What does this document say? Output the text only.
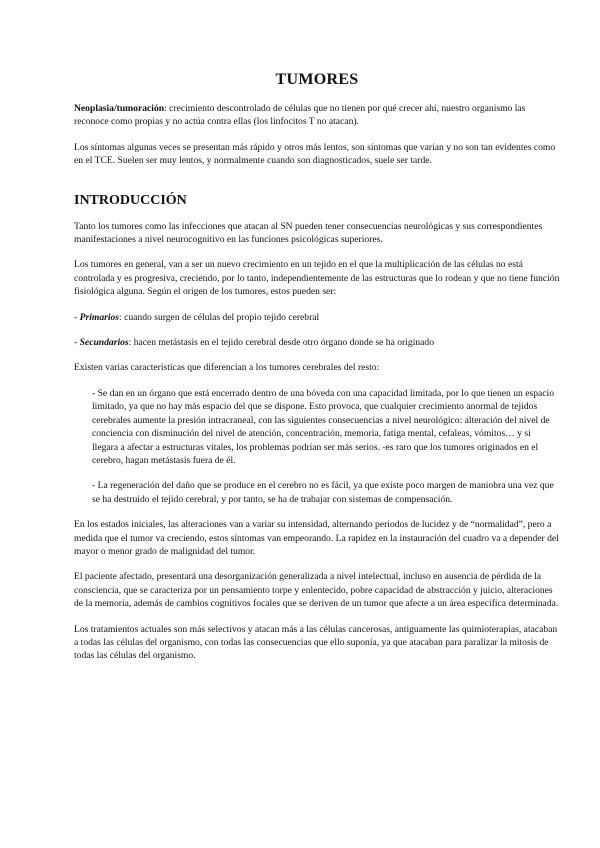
TUMORES

Neoplasia/tumoración: crecimiento descontrolado de células que no tienen por qué crecer ahí, nuestro organismo las reconoce como propias y no actúa contra ellas (los linfocitos T no atacan).

Los síntomas algunas veces se presentan más rápido y otros más lentos, son síntomas que varían y no son tan evidentes como en el TCE. Suelen ser muy lentos, y normalmente cuando son diagnosticados, suele ser tarde.

INTRODUCCIÓN

Tanto los tumores como las infecciones que atacan al SN pueden tener consecuencias neurológicas y sus correspondientes manifestaciones a nivel neurocognitivo en las funciones psicológicas superiores.

Los tumores en general, van a ser un nuevo crecimiento en un tejido en el que la multiplicación de las células no está controlada y es progresiva, creciendo, por lo tanto, independientemente de las estructuras que lo rodean y que no tiene función fisiológica alguna. Según el origen de los tumores, estos pueden ser:

- Primarios: cuando surgen de células del propio tejido cerebral

- Secundarios: hacen metástasis en el tejido cerebral desde otro órgano donde se ha originado

Existen varias características que diferencian a los tumores cerebrales del resto:

- Se dan en un órgano que está encerrado dentro de una bóveda con una capacidad limitada, por lo que tienen un espacio limitado, ya que no hay más espacio del que se dispone. Esto provoca, que cualquier crecimiento anormal de tejidos cerebrales aumente la presión intracraneal, con las siguientes consecuencias a nivel neurológico: alteración del nivel de conciencia con disminución del nivel de atención, concentración, memoria, fatiga mental, cefaleas, vómitos… y si llegara a afectar a estructuras vitales, los problemas podrían ser más serios. -es raro que los tumores originados en el cerebro, hagan metástasis fuera de él.

- La regeneración del daño que se produce en el cerebro no es fácil, ya que existe poco margen de maniobra una vez que se ha destruido el tejido cerebral, y por tanto, se ha de trabajar con sistemas de compensación.

En los estados iniciales, las alteraciones van a variar su intensidad, alternando periodos de lucidez y de “normalidad”, pero a medida que el tumor va creciendo, estos síntomas van empeorando. La rapidez en la instauración del cuadro va a depender del mayor o menor grado de malignidad del tumor.

El paciente afectado, presentará una desorganización generalizada a nivel intelectual, incluso en ausencia de pérdida de la consciencia, que se caracteriza por un pensamiento torpe y enlentecido, pobre capacidad de abstracción y juicio, alteraciones de la memoria, además de cambios cognitivos focales que se deriven de un tumor que afecte a un área específica determinada.

Los tratamientos actuales son más selectivos y atacan más a las células cancerosas, antiguamente las quimioterapias, atacaban a todas las células del organismo, con todas las consecuencias que ello suponía, ya que atacaban para paralizar la mitosis de todas las células del organismo.
